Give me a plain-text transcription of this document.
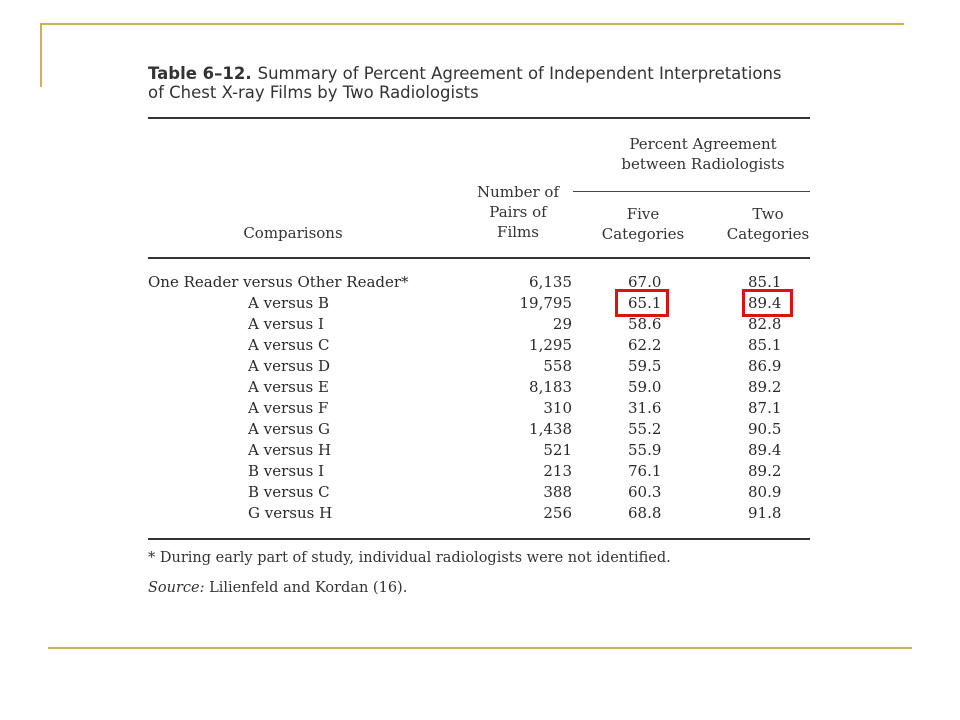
Table 6–12. Summary of Percent Agreement of Independent Interpretations
of Chest X-ray Films by Two Radiologists
Percent Agreement
between Radiologists
Number of
Pairs of
Films
Five
Categories
Two
Categories
Comparisons
One Reader versus Other Reader*	6,135	67.0	85.1
A versus B	19,795	65.1	89.4
A versus I	29	58.6	82.8
A versus C	1,295	62.2	85.1
A versus D	558	59.5	86.9
A versus E	8,183	59.0	89.2
A versus F	310	31.6	87.1
A versus G	1,438	55.2	90.5
A versus H	521	55.9	89.4
B versus I	213	76.1	89.2
B versus C	388	60.3	80.9
G versus H	256	68.8	91.8
* During early part of study, individual radiologists were not identified.
Source: Lilienfeld and Kordan (16).
